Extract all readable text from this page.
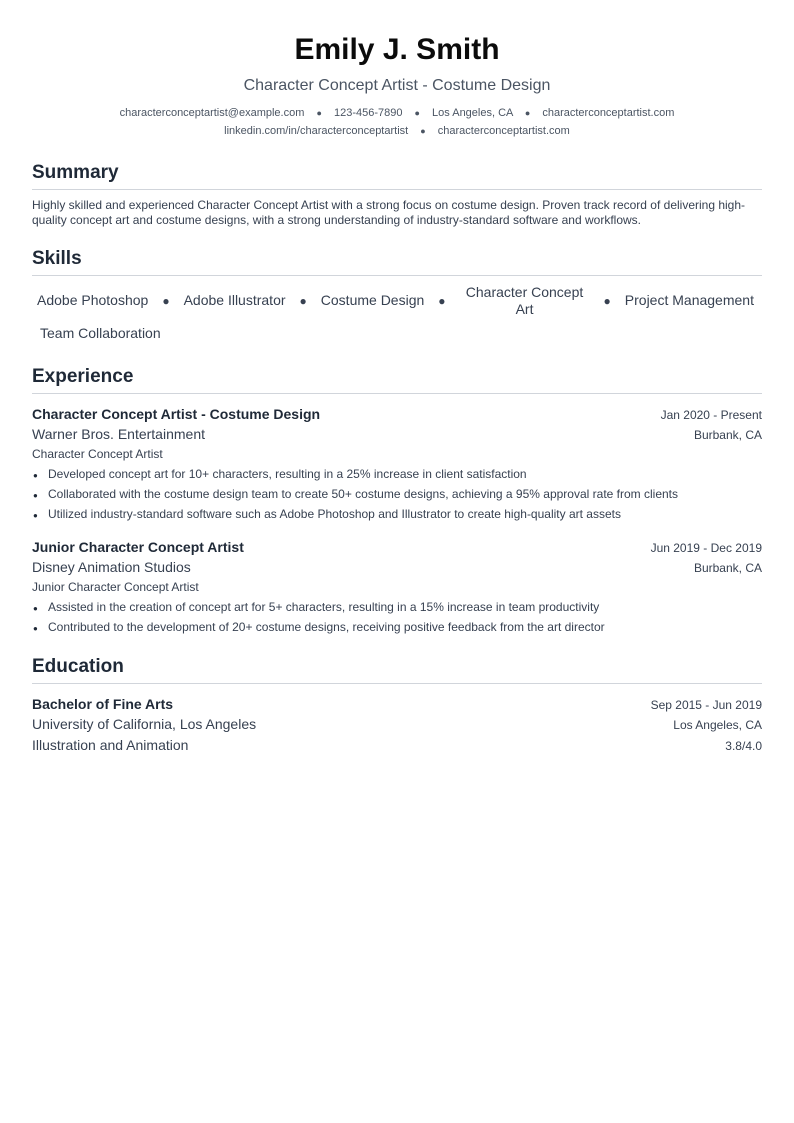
Emily J. Smith
Character Concept Artist - Costume Design
characterconceptartist@example.com ● 123-456-7890 ● Los Angeles, CA ● characterconceptartist.com
linkedin.com/in/characterconceptartist ● characterconceptartist.com
Summary
Highly skilled and experienced Character Concept Artist with a strong focus on costume design. Proven track record of delivering high-quality concept art and costume designs, with a strong understanding of industry-standard software and workflows.
Skills
Adobe Photoshop	●	Adobe Illustrator	●	Costume Design	●
Character Concept Art	●	Project Management
Team Collaboration
Experience
Character Concept Artist - Costume Design	Jan 2020 - Present
Warner Bros. Entertainment	Burbank, CA
Character Concept Artist
● Developed concept art for 10+ characters, resulting in a 25% increase in client satisfaction
● Collaborated with the costume design team to create 50+ costume designs, achieving a 95% approval rate from clients
● Utilized industry-standard software such as Adobe Photoshop and Illustrator to create high-quality art assets
Junior Character Concept Artist	Jun 2019 - Dec 2019
Disney Animation Studios	Burbank, CA
Junior Character Concept Artist
● Assisted in the creation of concept art for 5+ characters, resulting in a 15% increase in team productivity
● Contributed to the development of 20+ costume designs, receiving positive feedback from the art director
Education
Bachelor of Fine Arts	Sep 2015 - Jun 2019
University of California, Los Angeles	Los Angeles, CA
Illustration and Animation	3.8/4.0
